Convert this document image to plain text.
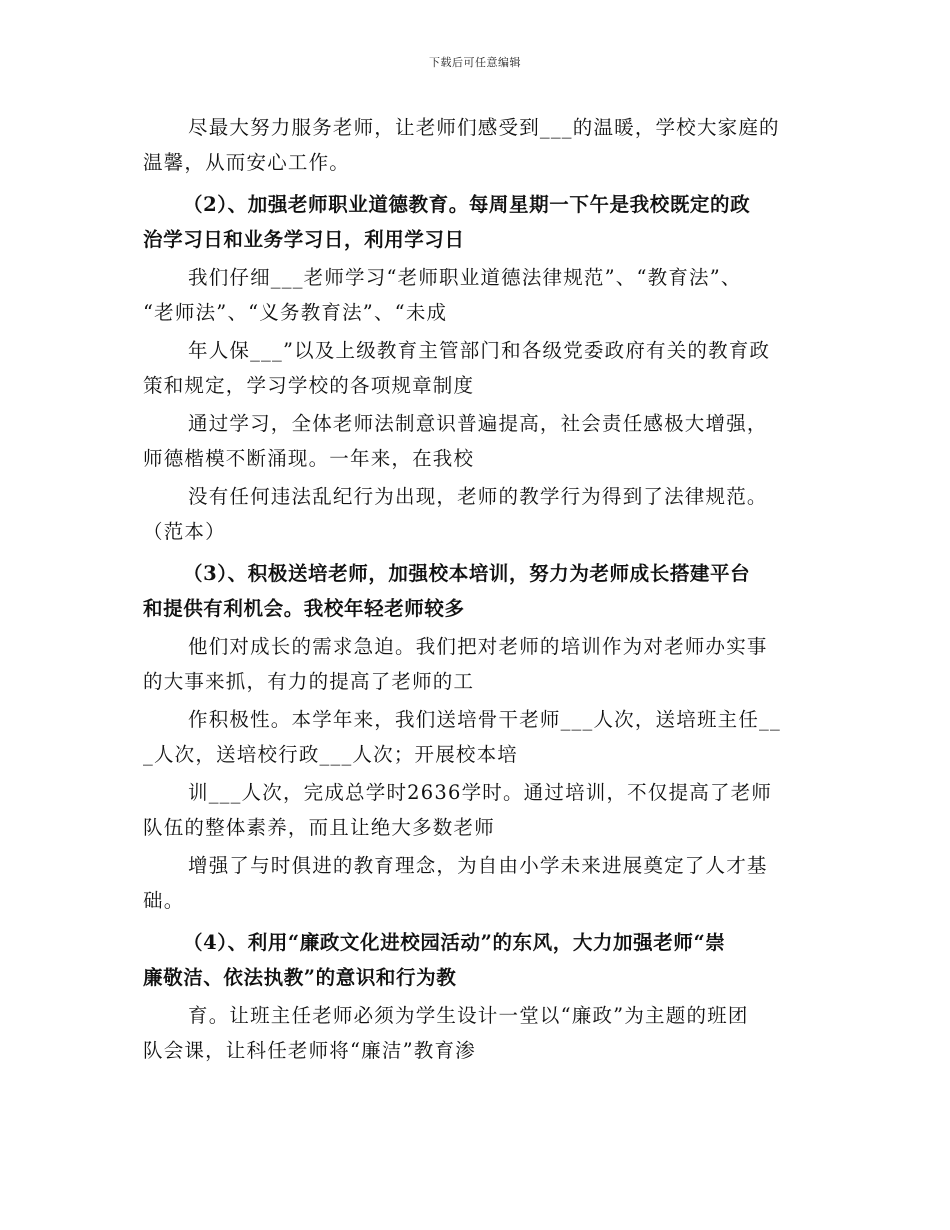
下载后可任意编辑

尽最大努力服务老师，让老师们感受到___的温暖，学校大家庭的
温馨，从而安心工作。

（2）、加强老师职业道德教育。每周星期一下午是我校既定的政
治学习日和业务学习日，利用学习日

我们仔细___老师学习“老师职业道德法律规范”、“教育法”、
“老师法”、“义务教育法”、“未成

年人保___”以及上级教育主管部门和各级党委政府有关的教育政
策和规定，学习学校的各项规章制度

通过学习，全体老师法制意识普遍提高，社会责任感极大增强，
师德楷模不断涌现。一年来，在我校

没有任何违法乱纪行为出现，老师的教学行为得到了法律规范。
（范本）

（3）、积极送培老师，加强校本培训，努力为老师成长搭建平台
和提供有利机会。我校年轻老师较多

他们对成长的需求急迫。我们把对老师的培训作为对老师办实事
的大事来抓，有力的提高了老师的工

作积极性。本学年来，我们送培骨干老师___人次，送培班主任__
_人次，送培校行政___人次；开展校本培

训___人次，完成总学时2636学时。通过培训，不仅提高了老师
队伍的整体素养，而且让绝大多数老师

增强了与时俱进的教育理念，为自由小学未来进展奠定了人才基
础。

（4）、利用“廉政文化进校园活动”的东风，大力加强老师“崇
廉敬洁、依法执教”的意识和行为教

育。让班主任老师必须为学生设计一堂以“廉政”为主题的班团
队会课，让科任老师将“廉洁”教育渗
